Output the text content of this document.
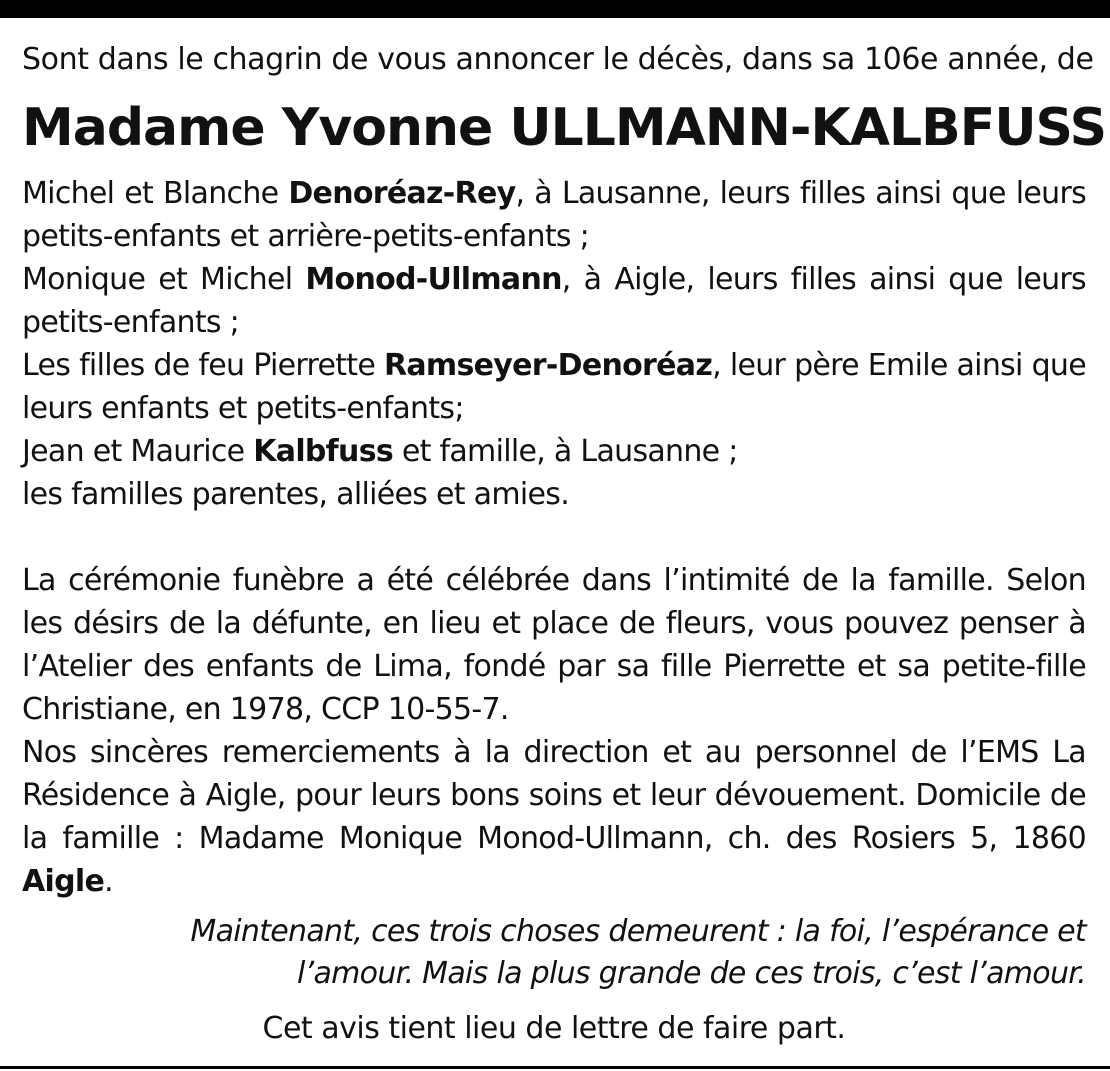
Sont dans le chagrin de vous annoncer le décès, dans sa 106e année, de

Madame Yvonne ULLMANN-KALBFUSS

Michel et Blanche Denoréaz-Rey, à Lausanne, leurs filles ainsi que leurs petits-enfants et arrière-petits-enfants ;

Monique et Michel Monod-Ullmann, à Aigle, leurs filles ainsi que leurs petits-enfants ;

Les filles de feu Pierrette Ramseyer-Denoréaz, leur père Emile ainsi que leurs enfants et petits-enfants;

Jean et Maurice Kalbfuss et famille, à Lausanne ;

les familles parentes, alliées et amies.

La cérémonie funèbre a été célébrée dans l’intimité de la famille. Selon les désirs de la défunte, en lieu et place de fleurs, vous pouvez penser à l’Atelier des enfants de Lima, fondé par sa fille Pierrette et sa petite-fille Christiane, en 1978, CCP 10-55-7.

Nos sincères remerciements à la direction et au personnel de l’EMS La Résidence à Aigle, pour leurs bons soins et leur dévouement. Domicile de la famille : Madame Monique Monod-Ullmann, ch. des Rosiers 5, 1860 Aigle.

Maintenant, ces trois choses demeurent : la foi, l’espérance et
l’amour. Mais la plus grande de ces trois, c’est l’amour.

Cet avis tient lieu de lettre de faire part.
